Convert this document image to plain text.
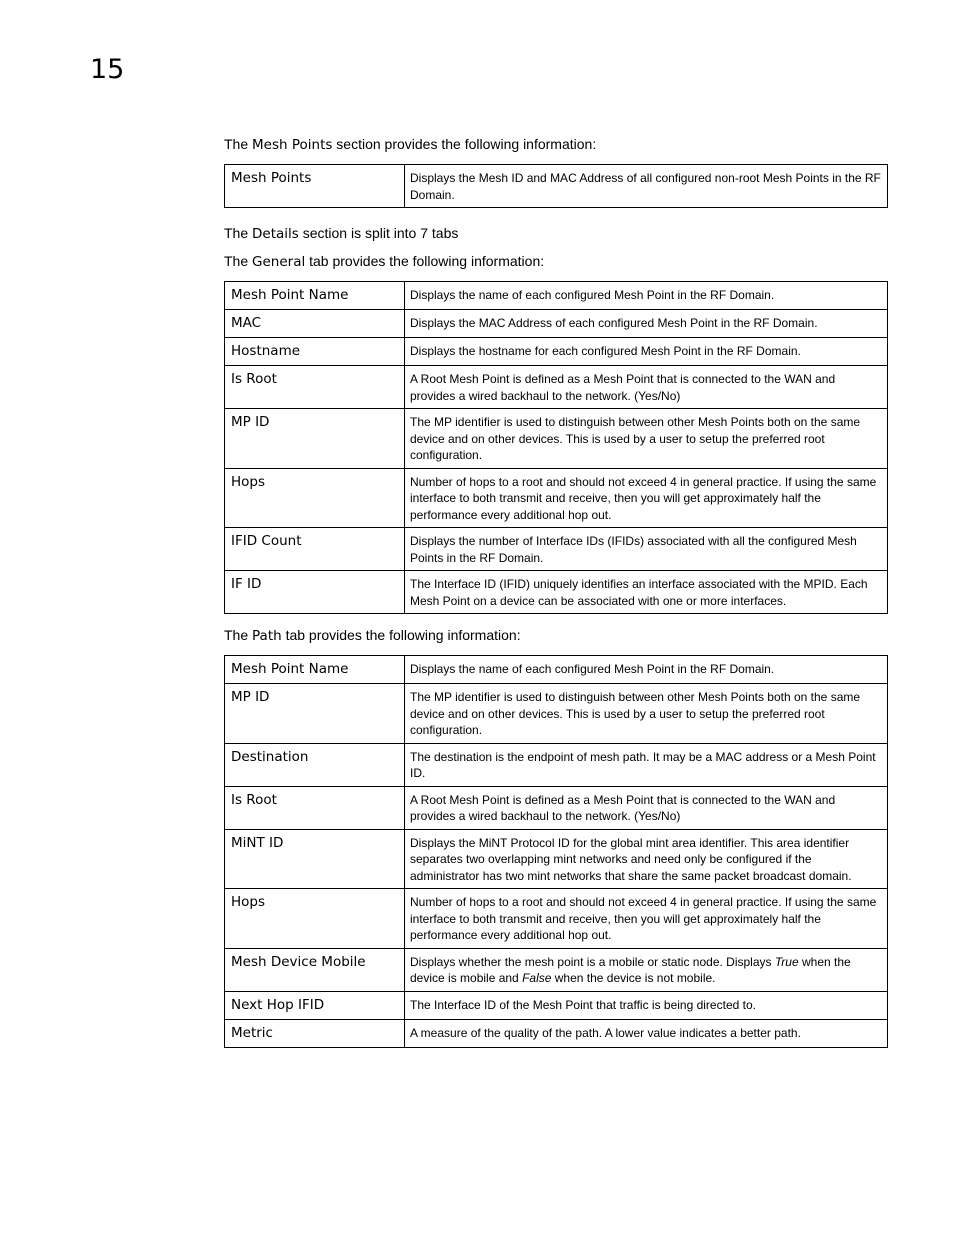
15
The Mesh Points section provides the following information:
Mesh Points	Displays the Mesh ID and MAC Address of all configured non-root Mesh Points in the RF Domain.
The Details section is split into 7 tabs
The General tab provides the following information:
Mesh Point Name	Displays the name of each configured Mesh Point in the RF Domain.
MAC	Displays the MAC Address of each configured Mesh Point in the RF Domain.
Hostname	Displays the hostname for each configured Mesh Point in the RF Domain.
Is Root	A Root Mesh Point is defined as a Mesh Point that is connected to the WAN and provides a wired backhaul to the network. (Yes/No)
MP ID	The MP identifier is used to distinguish between other Mesh Points both on the same device and on other devices. This is used by a user to setup the preferred root configuration.
Hops	Number of hops to a root and should not exceed 4 in general practice. If using the same interface to both transmit and receive, then you will get approximately half the performance every additional hop out.
IFID Count	Displays the number of Interface IDs (IFIDs) associated with all the configured Mesh Points in the RF Domain.
IF ID	The Interface ID (IFID) uniquely identifies an interface associated with the MPID. Each Mesh Point on a device can be associated with one or more interfaces.
The Path tab provides the following information:
Mesh Point Name	Displays the name of each configured Mesh Point in the RF Domain.
MP ID	The MP identifier is used to distinguish between other Mesh Points both on the same device and on other devices. This is used by a user to setup the preferred root configuration.
Destination	The destination is the endpoint of mesh path. It may be a MAC address or a Mesh Point ID.
Is Root	A Root Mesh Point is defined as a Mesh Point that is connected to the WAN and provides a wired backhaul to the network. (Yes/No)
MiNT ID	Displays the MiNT Protocol ID for the global mint area identifier. This area identifier separates two overlapping mint networks and need only be configured if the administrator has two mint networks that share the same packet broadcast domain.
Hops	Number of hops to a root and should not exceed 4 in general practice. If using the same interface to both transmit and receive, then you will get approximately half the performance every additional hop out.
Mesh Device Mobile	Displays whether the mesh point is a mobile or static node. Displays True when the device is mobile and False when the device is not mobile.
Next Hop IFID	The Interface ID of the Mesh Point that traffic is being directed to.
Metric	A measure of the quality of the path. A lower value indicates a better path.
